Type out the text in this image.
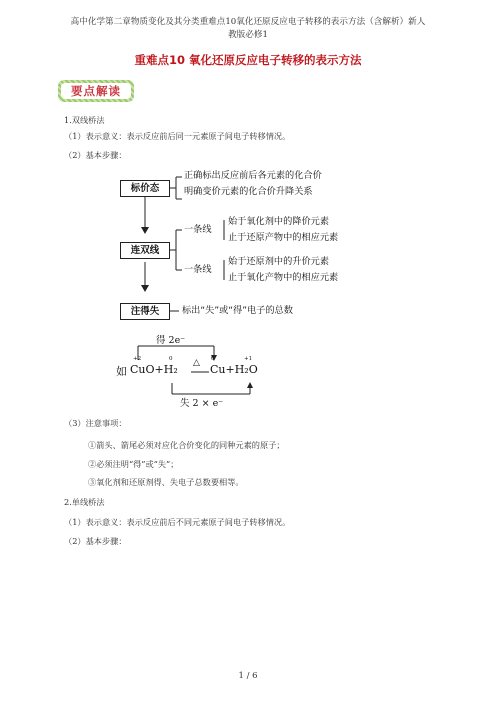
高中化学第二章物质变化及其分类重难点10氧化还原反应电子转移的表示方法（含解析）新人
教版必修1
重难点10 氧化还原反应电子转移的表示方法
要点解读
1.双线桥法
（1）表示意义：表示反应前后同一元素原子间电子转移情况。
（2）基本步骤：
标价态
正确标出反应前后各元素的化合价
明确变价元素的化合价升降关系
连双线
一条线
始于氧化剂中的降价元素
止于还原产物中的相应元素
一条线
始于还原剂中的升价元素
止于氧化产物中的相应元素
注得失	标出“失”或“得”电子的总数
得 2e⁻
+2	0	0	+1
如 CuO+H₂ △ Cu+H₂O
失 2 × e⁻
（3）注意事项：
①箭头、箭尾必须对应化合价变化的同种元素的原子；
②必须注明“得”或“失”；
③氧化剂和还原剂得、失电子总数要相等。
2.单线桥法
（1）表示意义：表示反应前后不同元素原子间电子转移情况。
（2）基本步骤：
1 / 6
